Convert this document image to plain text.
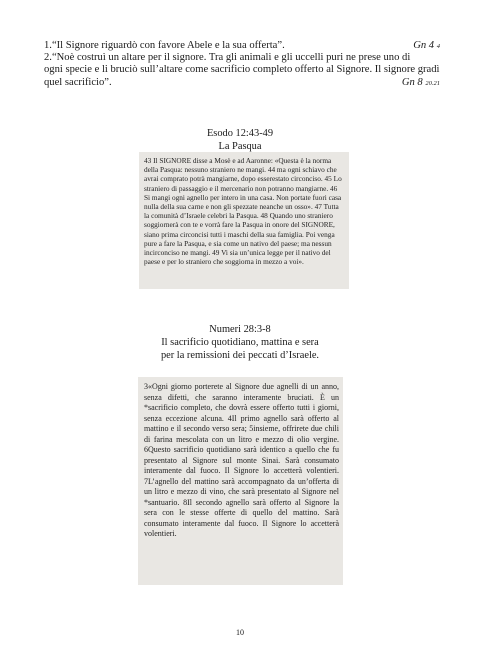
1.“Il Signore riguardò con favore Abele e la sua offerta”.	Gn 4 4

2.“Noè costruì un altare per il signore. Tra gli animali e gli uccelli puri ne prese uno di ogni specie e li bruciò sull’altare come sacrificio completo offerto al Signore. Il signore gradì quel sacrificio”.	Gn 8 20.21

Esodo 12:43-49
La Pasqua

43 Il SIGNORE disse a Mosè e ad Aaronne: «Questa è la norma della Pasqua: nessuno straniero ne mangi. 44 ma ogni schiavo che avrai comprato potrà mangiarne, dopo esserestato circonciso. 45 Lo straniero di passaggio e il mercenario non potranno mangiarne. 46 Si mangi ogni agnello per intero in una casa. Non portate fuori casa nulla della sua carne e non gli spezzate neanche un osso». 47 Tutta la comunità d’Israele celebri la Pasqua. 48 Quando uno straniero soggiornerà con te e vorrà fare la Pasqua in onore del SIGNORE, siano prima circoncisi tutti i maschi della sua famiglia. Poi venga pure a fare la Pasqua, e sia come un nativo del paese; ma nessun incirconciso ne mangi. 49 Vi sia un’unica legge per il nativo del paese e per lo straniero che soggiorna in mezzo a voi».

Numeri 28:3-8
Il sacrificio quotidiano, mattina e sera
per la remissioni dei peccati d’Israele.

3«Ogni giorno porterete al Signore due agnelli di un anno, senza difetti, che saranno interamente bruciati. È un *sacrificio completo, che dovrà essere offerto tutti i giorni, senza eccezione alcuna. 4Il primo agnello sarà offerto al mattino e il secondo verso sera; 5insieme, offrirete due chili di farina mescolata con un litro e mezzo di olio vergine. 6Questo sacrificio quotidiano sarà identico a quello che fu presentato al Signore sul monte Sinai. Sarà consumato interamente dal fuoco. Il Signore lo accetterà volentieri. 7L’agnello del mattino sarà accompagnato da un’offerta di un litro e mezzo di vino, che sarà presentato al Signore nel *santuario. 8Il secondo agnello sarà offerto al Signore la sera con le stesse offerte di quello del mattino. Sarà consumato interamente dal fuoco. Il Signore lo accetterà volentieri.

10
